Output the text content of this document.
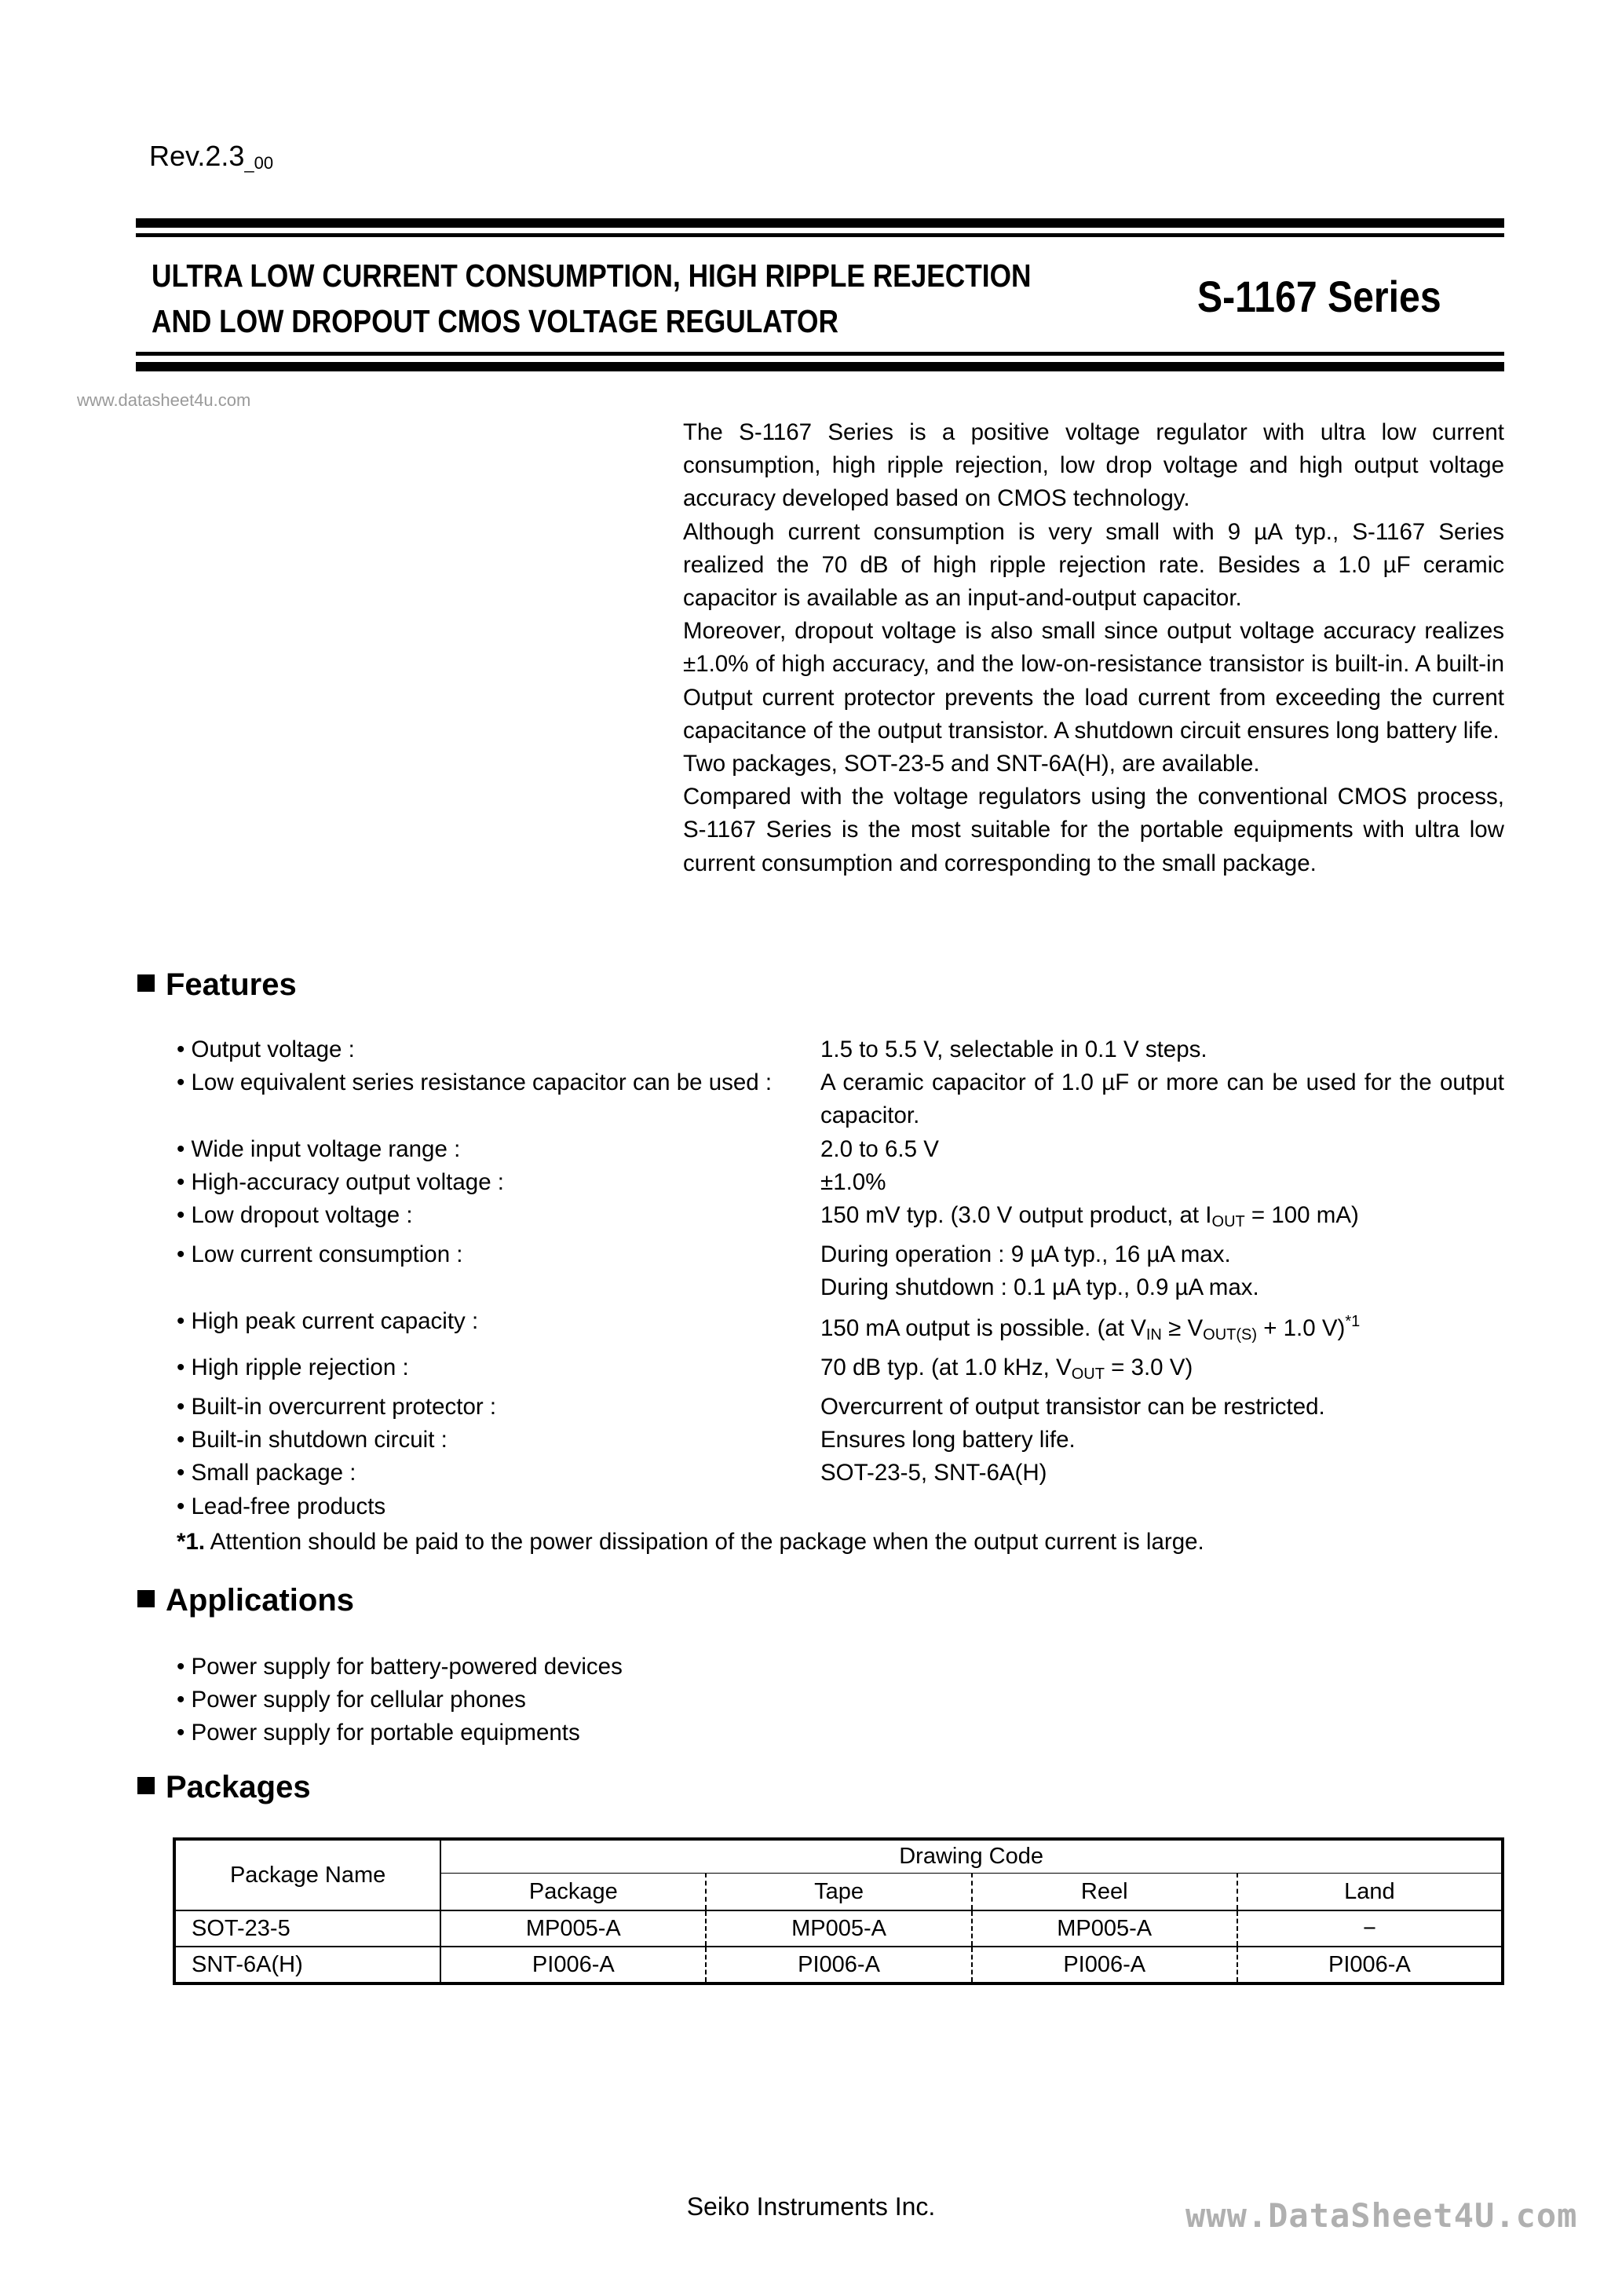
$Rev.2.3_{\_00}$
ULTRA LOW CURRENT CONSUMPTION, HIGH RIPPLE REJECTION
AND LOW DROPOUT CMOS VOLTAGE REGULATOR	S-1167 Series
www.datasheet4u.com

The S-1167 Series is a positive voltage regulator with ultra low current consumption, high ripple rejection, low drop voltage and high output voltage accuracy developed based on CMOS technology.

Although current consumption is very small with 9 µA typ., S-1167 Series realized the 70 dB of high ripple rejection rate. Besides a 1.0 µF ceramic capacitor is available as an input-and-output capacitor.

Moreover, dropout voltage is also small since output voltage accuracy realizes ±1.0% of high accuracy, and the low-on-resistance transistor is built-in. A built-in Output current protector prevents the load current from exceeding the current capacitance of the output transistor. A shutdown circuit ensures long battery life.

Two packages, SOT-23-5 and SNT-6A(H), are available.

Compared with the voltage regulators using the conventional CMOS process, S-1167 Series is the most suitable for the portable equipments with ultra low current consumption and corresponding to the small package.

Features
• Output voltage :	1.5 to 5.5 V, selectable in 0.1 V steps.
• Low equivalent series resistance capacitor can be used :	A ceramic capacitor of 1.0 µF or more can be used for the output capacitor.
• Wide input voltage range :	2.0 to 6.5 V
• High-accuracy output voltage :	±1.0%
• Low dropout voltage :	150 mV typ. (3.0 V output product, at $I_{OUT} = 100$ mA)
• Low current consumption :	During operation : 9 µA typ., 16 µA max.
During shutdown : 0.1 µA typ., 0.9 µA max.
• High peak current capacity :	150 mA output is possible. (at $V_{IN} \ge V_{OUT(S)} + 1.0$ V)$^{*1}$
• High ripple rejection :	70 dB typ. (at 1.0 kHz, $V_{OUT} = 3.0$ V)
• Built-in overcurrent protector :	Overcurrent of output transistor can be restricted.
• Built-in shutdown circuit :	Ensures long battery life.
• Small package :	SOT-23-5, SNT-6A(H)
• Lead-free products
*1. Attention should be paid to the power dissipation of the package when the output current is large.
Applications
• Power supply for battery-powered devices
• Power supply for cellular phones
• Power supply for portable equipments
Packages
Package Name	Drawing Code			
	Package	Tape	Reel	Land
SOT-23-5	MP005-A	MP005-A	MP005-A	−
SNT-6A(H)	PI006-A	PI006-A	PI006-A	PI006-A
Seiko Instruments Inc.	www.DataSheet4U.com
